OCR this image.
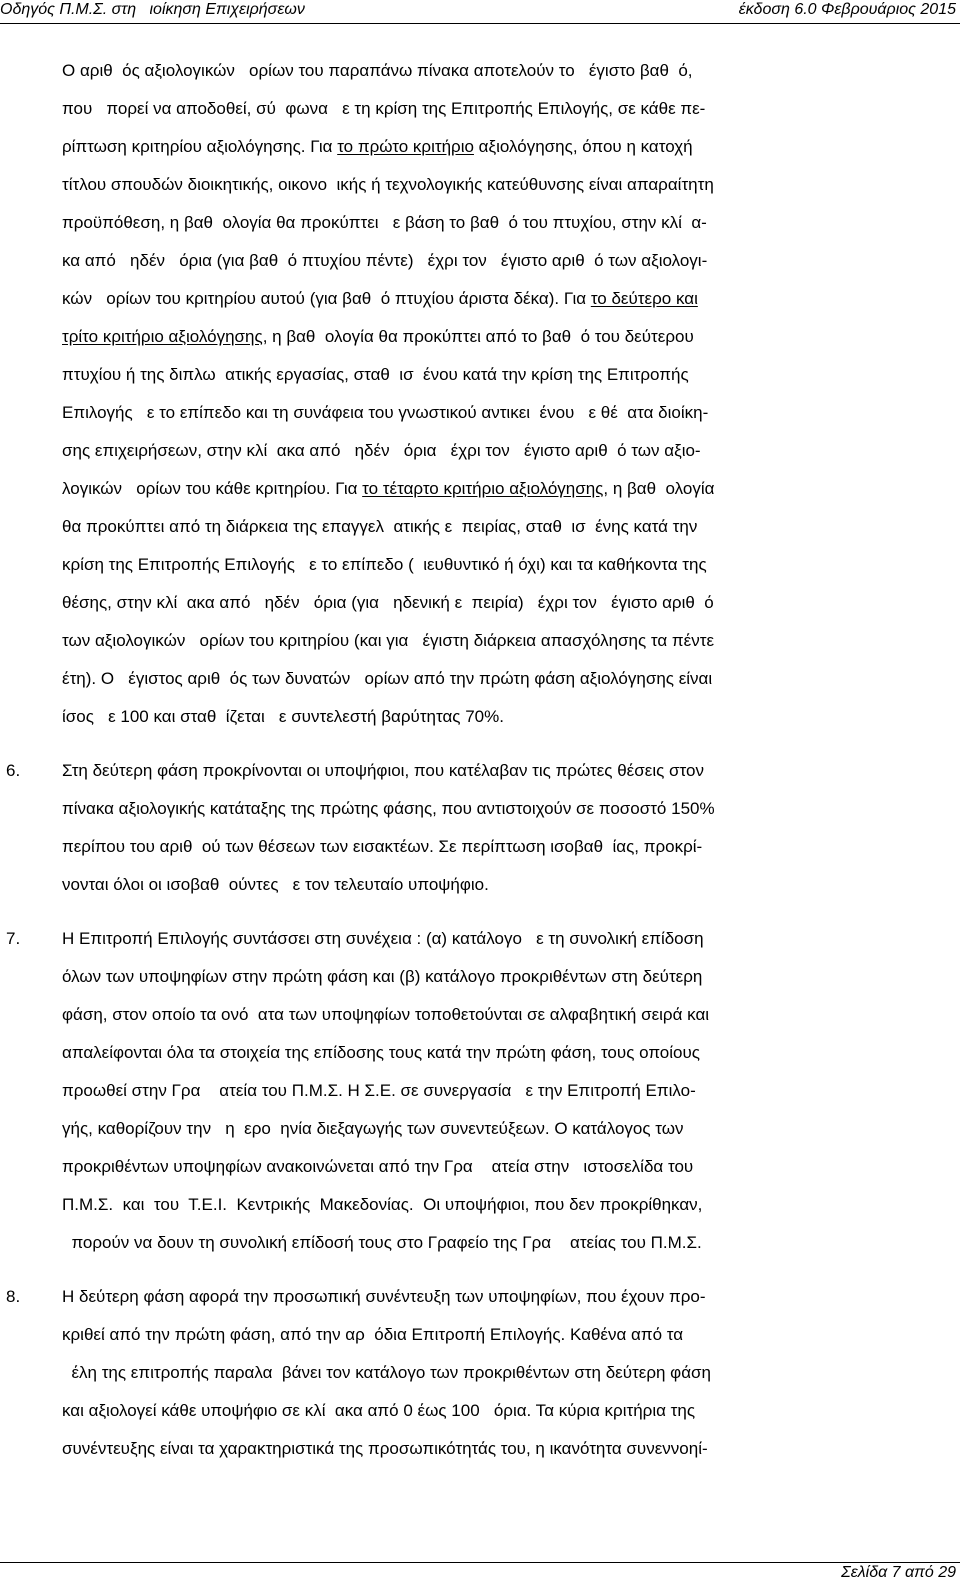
Οδηγός Π.Μ.Σ. στη   ιοίκηση Επιχειρήσεων	έκδοση 6.0 Φεβρουάριος 2015
Ο αριθ  ός αξιολογικών   ορίων του παραπάνω πίνακα αποτελούν το   έγιστο βαθ  ό,
που   πορεί να αποδοθεί, σύ  φωνα   ε τη κρίση της Επιτροπής Επιλογής, σε κάθε πε-
ρίπτωση κριτηρίου αξιολόγησης. Για το πρώτο κριτήριο αξιολόγησης, όπου η κατοχή
τίτλου σπουδών διοικητικής, οικονο  ικής ή τεχνολογικής κατεύθυνσης είναι απαραίτητη
προϋπόθεση, η βαθ  ολογία θα προκύπτει   ε βάση το βαθ  ό του πτυχίου, στην κλί  α-
κα από   ηδέν   όρια (για βαθ  ό πτυχίου πέντε)   έχρι τον   έγιστο αριθ  ό των αξιολογι-
κών   ορίων του κριτηρίου αυτού (για βαθ  ό πτυχίου άριστα δέκα). Για το δεύτερο και
τρίτο κριτήριο αξιολόγησης, η βαθ  ολογία θα προκύπτει από το βαθ  ό του δεύτερου
πτυχίου ή της διπλω  ατικής εργασίας, σταθ  ισ  ένου κατά την κρίση της Επιτροπής
Επιλογής   ε το επίπεδο και τη συνάφεια του γνωστικού αντικει  ένου   ε θέ  ατα διοίκη-
σης επιχειρήσεων, στην κλί  ακα από   ηδέν   όρια   έχρι τον   έγιστο αριθ  ό των αξιο-
λογικών   ορίων του κάθε κριτηρίου. Για το τέταρτο κριτήριο αξιολόγησης, η βαθ  ολογία
θα προκύπτει από τη διάρκεια της επαγγελ  ατικής ε  πειρίας, σταθ  ισ  ένης κατά την
κρίση της Επιτροπής Επιλογής   ε το επίπεδο (  ιευθυντικό ή όχι) και τα καθήκοντα της
θέσης, στην κλί  ακα από   ηδέν   όρια (για   ηδενική ε  πειρία)   έχρι τον   έγιστο αριθ  ό
των αξιολογικών   ορίων του κριτηρίου (και για   έγιστη διάρκεια απασχόλησης τα πέντε
έτη). Ο   έγιστος αριθ  ός των δυνατών   ορίων από την πρώτη φάση αξιολόγησης είναι
ίσος   ε 100 και σταθ  ίζεται   ε συντελεστή βαρύτητας 70%.
6. Στη δεύτερη φάση προκρίνονται οι υποψήφιοι, που κατέλαβαν τις πρώτες θέσεις στον
πίνακα αξιολογικής κατάταξης της πρώτης φάσης, που αντιστοιχούν σε ποσοστό 150%
περίπου του αριθ  ού των θέσεων των εισακτέων. Σε περίπτωση ισοβαθ  ίας, προκρί-
νονται όλοι οι ισοβαθ  ούντες   ε τον τελευταίο υποψήφιο.
7. Η Επιτροπή Επιλογής συντάσσει στη συνέχεια : (α) κατάλογο   ε τη συνολική επίδοση
όλων των υποψηφίων στην πρώτη φάση και (β) κατάλογο προκριθέντων στη δεύτερη
φάση, στον οποίο τα ονό  ατα των υποψηφίων τοποθετούνται σε αλφαβητική σειρά και
απαλείφονται όλα τα στοιχεία της επίδοσης τους κατά την πρώτη φάση, τους οποίους
προωθεί στην Γρα    ατεία του Π.Μ.Σ. Η Σ.Ε. σε συνεργασία   ε την Επιτροπή Επιλο-
γής, καθορίζουν την   η  ερο  ηνία διεξαγωγής των συνεντεύξεων. Ο κατάλογος των
προκριθέντων υποψηφίων ανακοινώνεται από την Γρα    ατεία στην   ιστοσελίδα του
Π.Μ.Σ.  και  του  Τ.Ε.Ι.  Κεντρικής  Μακεδονίας.  Οι υποψήφιοι, που δεν προκρίθηκαν,
πορούν να δουν τη συνολική επίδοσή τους στο Γραφείο της Γρα    ατείας του Π.Μ.Σ.
8. Η δεύτερη φάση αφορά την προσωπική συνέντευξη των υποψηφίων, που έχουν προ-
κριθεί από την πρώτη φάση, από την αρ  όδια Επιτροπή Επιλογής. Καθένα από τα
έλη της επιτροπής παραλα  βάνει τον κατάλογο των προκριθέντων στη δεύτερη φάση
και αξιολογεί κάθε υποψήφιο σε κλί  ακα από 0 έως 100   όρια. Τα κύρια κριτήρια της
συνέντευξης είναι τα χαρακτηριστικά της προσωπικότητάς του, η ικανότητα συνεννοηί-
Σελίδα 7 από 29
